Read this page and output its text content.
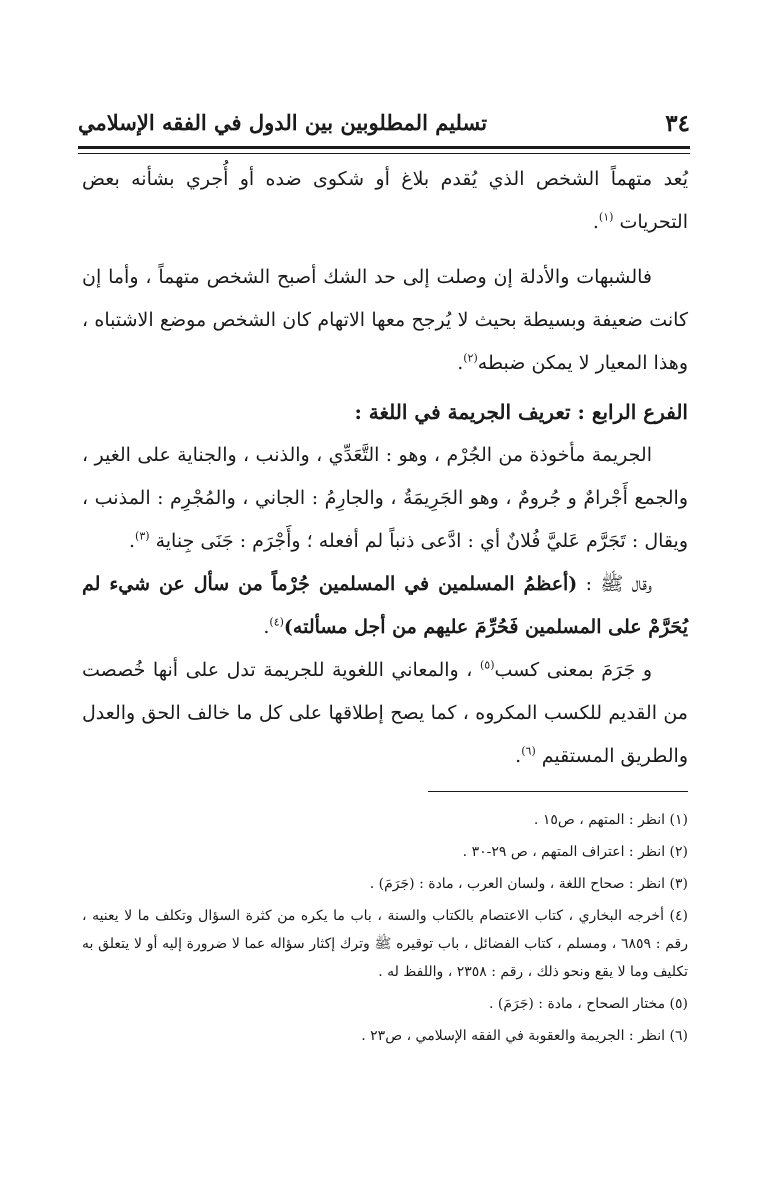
٣٤
تسليم المطلوبين بين الدول في الفقه الإسلامي

يُعد متهماً الشخص الذي يُقدم بلاغ أو شكوى ضده أو أُجري بشأنه بعض التحريات $^{(١)}$.

فالشبهات والأدلة إن وصلت إلى حد الشك أصبح الشخص متهماً ، وأما إن كانت ضعيفة وبسيطة بحيث لا يُرجح معها الاتهام كان الشخص موضع الاشتباه ، وهذا المعيار لا يمكن ضبطه$^{(٢)}$.

الفرع الرابع : تعريف الجريمة في اللغة :

الجريمة مأخوذة من الجُرْم ، وهو : التَّعَدِّي ، والذنب ، والجناية على الغير ، والجمع أَجْرامٌ و جُرومٌ ، وهو الجَرِيمَةُ ، والجارِمُ : الجاني ، والمُجْرِم : المذنب ، ويقال : تَجَرَّم عَليَّ فُلانٌ أي : ادَّعى ذنباً لم أفعله ؛ وأَجْرَم : جَنَى جِناية $^{(٣)}$.

وقال ﷺ : (أعظمُ المسلمين في المسلمين جُرْماً من سأل عن شيء لم يُحَرَّمْ على المسلمين فَحُرِّمَ عليهم من أجل مسألته)$^{(٤)}$.

و جَرَمَ بمعنى كسب$^{(٥)}$ ، والمعاني اللغوية للجريمة تدل على أنها خُصصت من القديم للكسب المكروه ، كما يصح إطلاقها على كل ما خالف الحق والعدل والطريق المستقيم $^{(٦)}$.

(١) انظر : المتهم ، ص١٥ .

(٢) انظر : اعتراف المتهم ، ص ٢٩-٣٠ .

(٣) انظر : صحاح اللغة ، ولسان العرب ، مادة : (جَرَمَ) .

(٤) أخرجه البخاري ، كتاب الاعتصام بالكتاب والسنة ، باب ما يكره من كثرة السؤال وتكلف ما لا يعنيه ، رقم : ٦٨٥٩ ، ومسلم ، كتاب الفضائل ، باب توقيره ﷺ وترك إكثار سؤاله عما لا ضرورة إليه أو لا يتعلق به تكليف وما لا يقع ونحو ذلك ، رقم : ٢٣٥٨ ، واللفظ له .

(٥) مختار الصحاح ، مادة : (جَرَمَ) .

(٦) انظر : الجريمة والعقوبة في الفقه الإسلامي ، ص٢٣ .
